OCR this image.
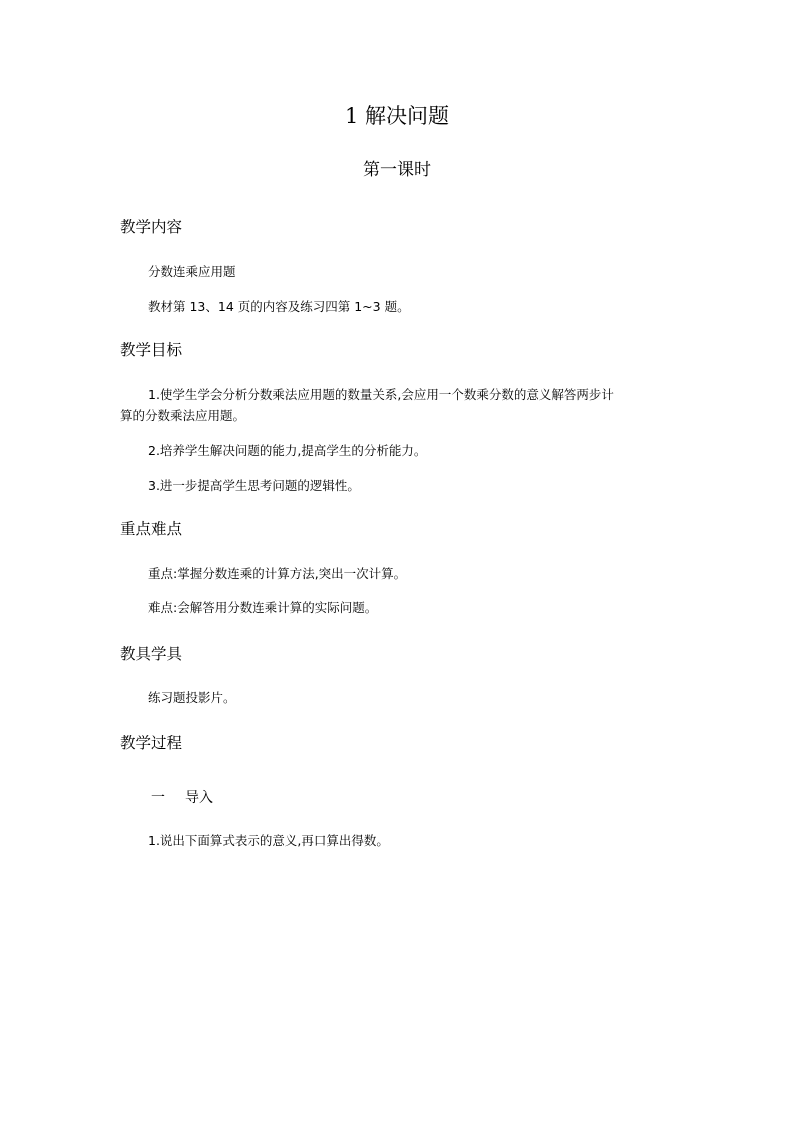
1 解决问题
第一课时
教学内容
分数连乘应用题
教材第 13、14 页的内容及练习四第 1~3 题。
教学目标
1.使学生学会分析分数乘法应用题的数量关系,会应用一个数乘分数的意义解答两步计
算的分数乘法应用题。
2.培养学生解决问题的能力,提高学生的分析能力。
3.进一步提高学生思考问题的逻辑性。
重点难点
重点:掌握分数连乘的计算方法,突出一次计算。
难点:会解答用分数连乘计算的实际问题。
教具学具
练习题投影片。
教学过程
一 导入
1.说出下面算式表示的意义,再口算出得数。
